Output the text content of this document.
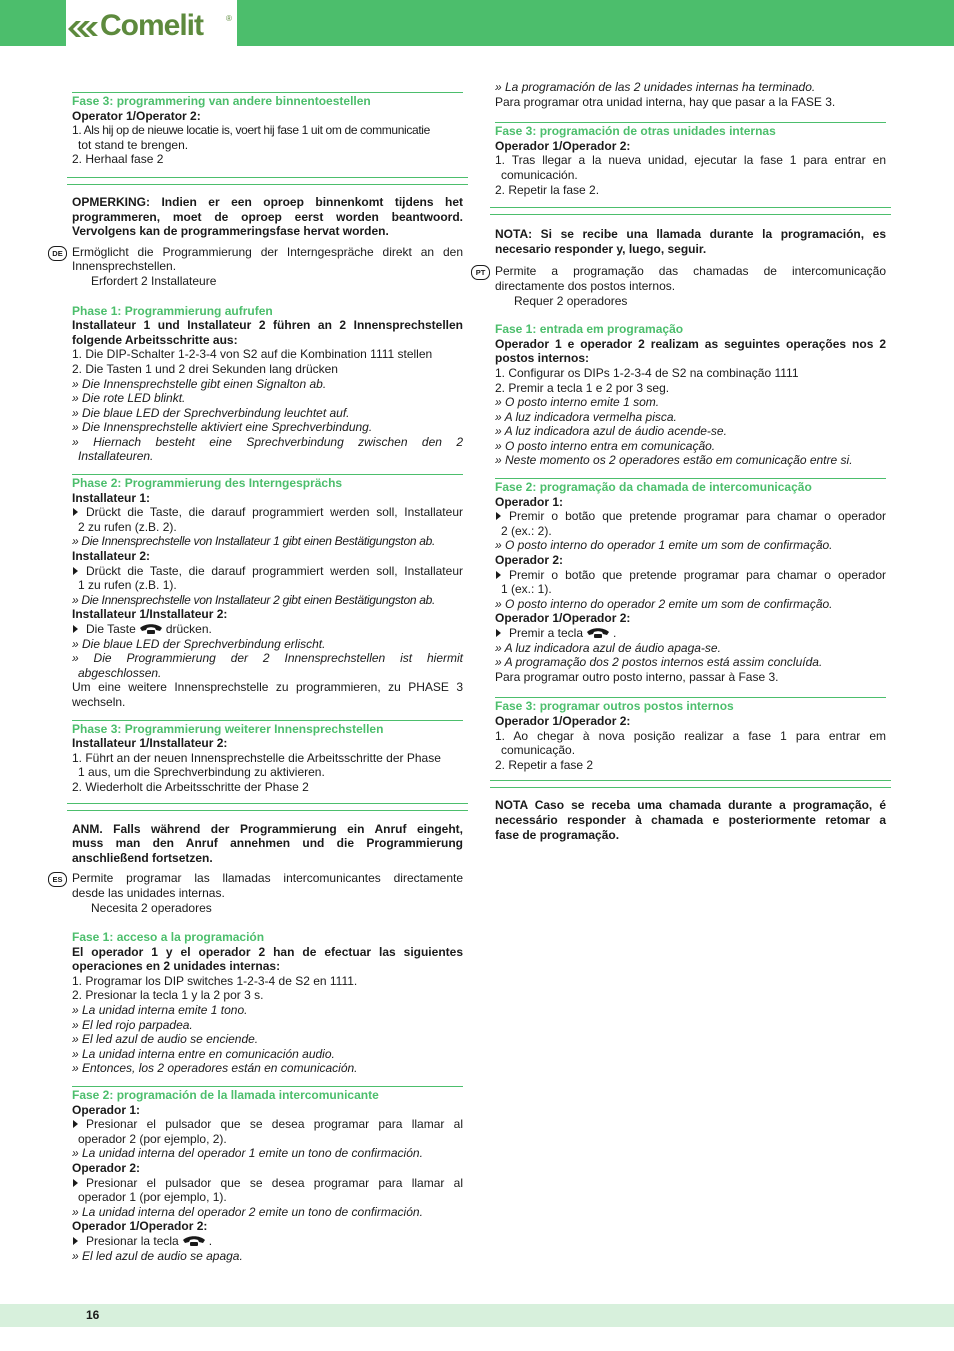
Comelit	®
Fase 3: programmering van andere binnentoestellen
Operator 1/Operator 2:
1. Als hij op de nieuwe locatie is, voert hij fase 1 uit om de communicatie
tot stand te brengen.
2. Herhaal fase 2
OPMERKING: Indien er een oproep binnenkomt tijdens het
programmeren, moet de oproep eerst worden beantwoord.
Vervolgens kan de programmeringsfase hervat worden.
DE Ermöglicht die Programmierung der Interngespräche direkt an den
Innensprechstellen.
Erfordert 2 Installateure
Phase 1: Programmierung aufrufen
Installateur 1 und Installateur 2 führen an 2 Innensprechstellen
folgende Arbeitsschritte aus:
1. Die DIP-Schalter 1-2-3-4 von S2 auf die Kombination 1111 stellen
2. Die Tasten 1 und 2 drei Sekunden lang drücken
» Die Innensprechstelle gibt einen Signalton ab.
» Die rote LED blinkt.
» Die blaue LED der Sprechverbindung leuchtet auf.
» Die Innensprechstelle aktiviert eine Sprechverbindung.
» Hiernach besteht eine Sprechverbindung zwischen den 2
Installateuren.
Phase 2: Programmierung des Interngesprächs
Installateur 1:
Drückt die Taste, die darauf programmiert werden soll, Installateur
2 zu rufen (z.B. 2).
» Die Innensprechstelle von Installateur 1 gibt einen Bestätigungston ab.
Installateur 2:
Drückt die Taste, die darauf programmiert werden soll, Installateur
1 zu rufen (z.B. 1).
» Die Innensprechstelle von Installateur 2 gibt einen Bestätigungston ab.
Installateur 1/Installateur 2:
Die Taste	drücken.
» Die blaue LED der Sprechverbindung erlischt.
» Die Programmierung der 2 Innensprechstellen ist hiermit
abgeschlossen.
Um eine weitere Innensprechstelle zu programmieren, zu PHASE 3
wechseln.
Phase 3: Programmierung weiterer Innensprechstellen
Installateur 1/Installateur 2:
1. Führt an der neuen Innensprechstelle die Arbeitsschritte der Phase
1 aus, um die Sprechverbindung zu aktivieren.
2. Wiederholt die Arbeitsschritte der Phase 2
ANM. Falls während der Programmierung ein Anruf eingeht,
muss man den Anruf annehmen und die Programmierung
anschließend fortsetzen.
ES Permite programar las llamadas intercomunicantes directamente
desde las unidades internas.
Necesita 2 operadores
Fase 1: acceso a la programación
El operador 1 y el operador 2 han de efectuar las siguientes
operaciones en 2 unidades internas:
1. Programar los DIP switches 1-2-3-4 de S2 en 1111.
2. Presionar la tecla 1 y la 2 por 3 s.
» La unidad interna emite 1 tono.
» El led rojo parpadea.
» El led azul de audio se enciende.
» La unidad interna entre en comunicación audio.
» Entonces, los 2 operadores están en comunicación.
Fase 2: programación de la llamada intercomunicante
Operador 1:
Presionar el pulsador que se desea programar para llamar al
operador 2 (por ejemplo, 2).
» La unidad interna del operador 1 emite un tono de confirmación.
Operador 2:
Presionar el pulsador que se desea programar para llamar al
operador 1 (por ejemplo, 1).
» La unidad interna del operador 2 emite un tono de confirmación.
Operador 1/Operador 2:
Presionar la tecla	.
» El led azul de audio se apaga.
» La programación de las 2 unidades internas ha terminado.
Para programar otra unidad interna, hay que pasar a la FASE 3.
Fase 3: programación de otras unidades internas
Operador 1/Operador 2:
1. Tras llegar a la nueva unidad, ejecutar la fase 1 para entrar en
comunicación.
2. Repetir la fase 2.
NOTA: Si se recibe una llamada durante la programación, es
necesario responder y, luego, seguir.
PT Permite a programação das chamadas de intercomunicação
directamente dos postos internos.
Requer 2 operadores
Fase 1: entrada em programação
Operador 1 e operador 2 realizam as seguintes operações nos 2
postos internos:
1. Configurar os DIPs 1-2-3-4 de S2 na combinação 1111
2. Premir a tecla 1 e 2 por 3 seg.
» O posto interno emite 1 som.
» A luz indicadora vermelha pisca.
» A luz indicadora azul de áudio acende-se.
» O posto interno entra em comunicação.
» Neste momento os 2 operadores estão em comunicação entre si.
Fase 2: programação da chamada de intercomunicação
Operador 1:
Premir o botão que pretende programar para chamar o operador
2 (ex.: 2).
» O posto interno do operador 1 emite um som de confirmação.
Operador 2:
Premir o botão que pretende programar para chamar o operador
1 (ex.: 1).
» O posto interno do operador 2 emite um som de confirmação.
Operador 1/Operador 2:
Premir a tecla	.
» A luz indicadora azul de áudio apaga-se.
» A programação dos 2 postos internos está assim concluída.
Para programar outro posto interno, passar à Fase 3.
Fase 3: programar outros postos internos
Operador 1/Operador 2:
1. Ao chegar à nova posição realizar a fase 1 para entrar em
comunicação.
2. Repetir a fase 2
NOTA Caso se receba uma chamada durante a programação, é
necessário responder à chamada e posteriormente retomar a
fase de programação.
16
